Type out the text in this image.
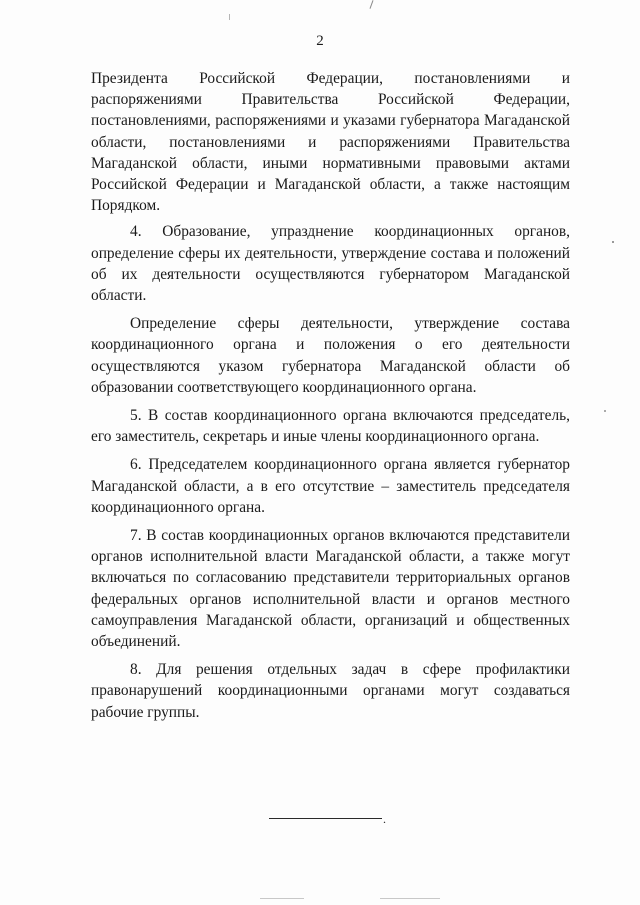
2

Президента Российской Федерации, постановлениями и распоряжениями Правительства Российской Федерации, постановлениями, распоряжениями и указами губернатора Магаданской области, постановлениями и распоряжениями Правительства Магаданской области, иными нормативными правовыми актами Российской Федерации и Магаданской области, а также настоящим Порядком.

4. Образование, упразднение координационных органов, определение сферы их деятельности, утверждение состава и положений об их деятельности осуществляются губернатором Магаданской области.

Определение сферы деятельности, утверждение состава координационного органа и положения о его деятельности осуществляются указом губернатора Магаданской области об образовании соответствующего координационного органа.

5. В состав координационного органа включаются председатель, его заместитель, секретарь и иные члены координационного органа.

6. Председателем координационного органа является губернатор Магаданской области, а в его отсутствие – заместитель председателя координационного органа.

7. В состав координационных органов включаются представители органов исполнительной власти Магаданской области, а также могут включаться по согласованию представители территориальных органов федеральных органов исполнительной власти и органов местного самоуправления Магаданской области, организаций и общественных объединений.

8. Для решения отдельных задач в сфере профилактики правонарушений координационными органами могут создаваться рабочие группы.

.
